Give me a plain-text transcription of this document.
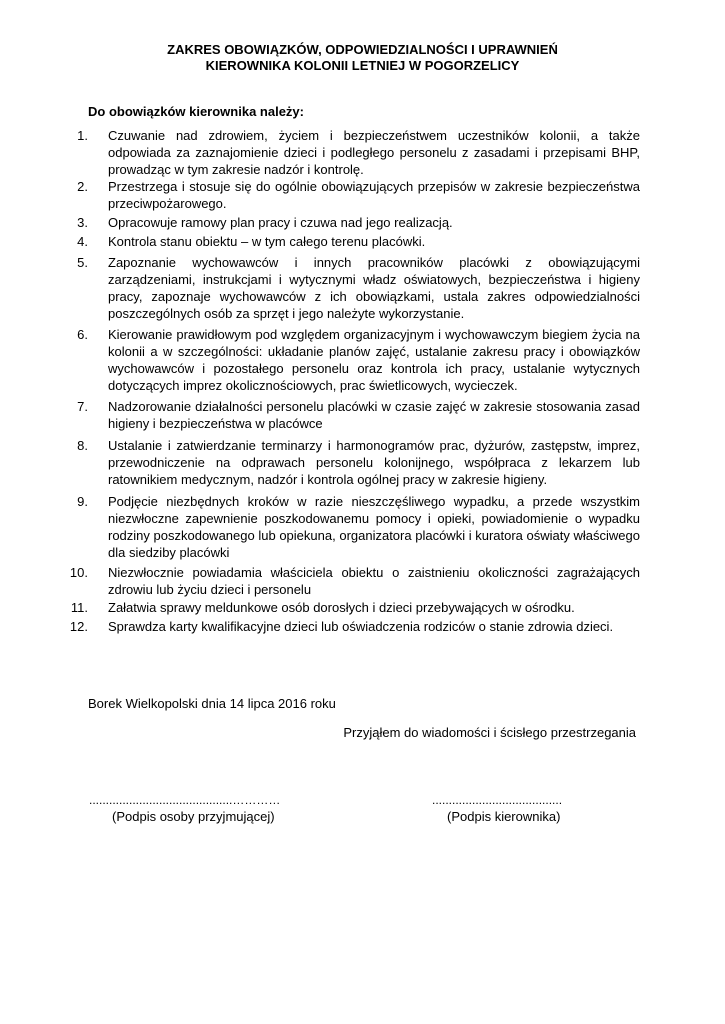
ZAKRES OBOWIĄZKÓW, ODPOWIEDZIALNOŚCI I UPRAWNIEŃ
KIEROWNIKA KOLONII LETNIEJ W POGORZELICY
Do obowiązków kierownika należy:
1. Czuwanie nad zdrowiem, życiem i bezpieczeństwem uczestników kolonii, a także odpowiada za zaznajomienie dzieci i podległego personelu z zasadami i przepisami BHP, prowadząc w tym zakresie nadzór i kontrolę.
2. Przestrzega i stosuje się do ogólnie obowiązujących przepisów w zakresie bezpieczeństwa przeciwpożarowego.
3. Opracowuje ramowy plan pracy i czuwa nad jego realizacją.
4. Kontrola stanu obiektu – w tym całego terenu placówki.
5. Zapoznanie wychowawców i innych pracowników placówki z obowiązującymi zarządzeniami, instrukcjami i wytycznymi władz oświatowych, bezpieczeństwa i higieny pracy, zapoznaje wychowawców z ich obowiązkami, ustala zakres odpowiedzialności poszczególnych osób za sprzęt i jego należyte wykorzystanie.
6. Kierowanie prawidłowym pod względem organizacyjnym i wychowawczym biegiem życia na kolonii a w szczególności: układanie planów zajęć, ustalanie zakresu pracy i obowiązków wychowawców i pozostałego personelu oraz kontrola ich pracy, ustalanie wytycznych dotyczących imprez okolicznościowych, prac świetlicowych, wycieczek.
7. Nadzorowanie działalności personelu placówki w czasie zajęć w zakresie stosowania zasad higieny i bezpieczeństwa w placówce
8. Ustalanie i zatwierdzanie terminarzy i harmonogramów prac, dyżurów, zastępstw, imprez, przewodniczenie na odprawach personelu kolonijnego, współpraca z lekarzem lub ratownikiem medycznym, nadzór i kontrola ogólnej pracy w zakresie higieny.
9. Podjęcie niezbędnych kroków w razie nieszczęśliwego wypadku, a przede wszystkim niezwłoczne zapewnienie poszkodowanemu pomocy i opieki, powiadomienie o wypadku rodziny poszkodowanego lub opiekuna, organizatora placówki i kuratora oświaty właściwego dla siedziby placówki
10. Niezwłocznie powiadamia właściciela obiektu o zaistnieniu okoliczności zagrażających zdrowiu lub życiu dzieci i personelu
11. Załatwia sprawy meldunkowe osób dorosłych i dzieci przebywających w ośrodku.
12. Sprawdza karty kwalifikacyjne dzieci lub oświadczenia rodziców o stanie zdrowia dzieci.
Borek Wielkopolski dnia 14 lipca 2016 roku
Przyjąłem do wiadomości i ścisłego przestrzegania
...........................................…………
(Podpis osoby przyjmującej)
.......................................
(Podpis kierownika)
